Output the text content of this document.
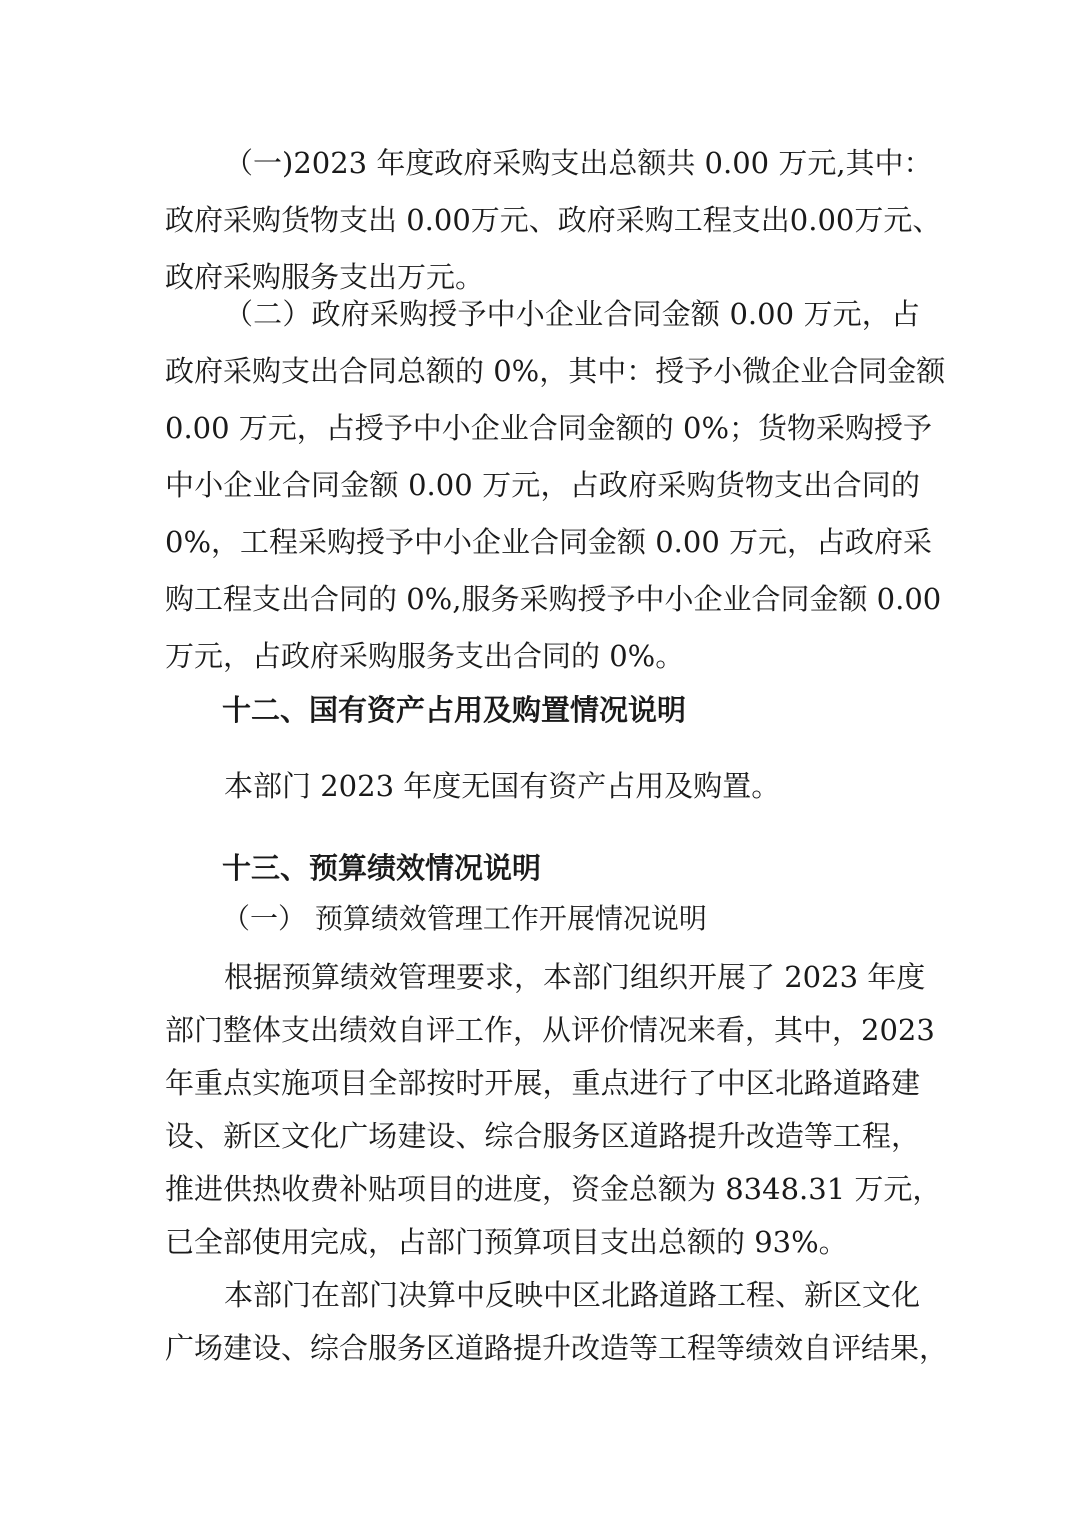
（一)2023 年度政府采购支出总额共 0.00 万元,其中：
政府采购货物支出 0.00万元、政府采购工程支出0.00万元、
政府采购服务支出万元。
（二）政府采购授予中小企业合同金额 0.00 万元，占
政府采购支出合同总额的 0%，其中：授予小微企业合同金额
0.00 万元，占授予中小企业合同金额的 0%；货物采购授予
中小企业合同金额 0.00 万元，占政府采购货物支出合同的
0%，工程采购授予中小企业合同金额 0.00 万元，占政府采
购工程支出合同的 0%,服务采购授予中小企业合同金额 0.00
万元，占政府采购服务支出合同的 0%。
十二、国有资产占用及购置情况说明
本部门 2023 年度无国有资产占用及购置。
十三、预算绩效情况说明
（一） 预算绩效管理工作开展情况说明
根据预算绩效管理要求，本部门组织开展了 2023 年度
部门整体支出绩效自评工作，从评价情况来看，其中，2023
年重点实施项目全部按时开展，重点进行了中区北路道路建
设、新区文化广场建设、综合服务区道路提升改造等工程，
推进供热收费补贴项目的进度，资金总额为 8348.31 万元，
已全部使用完成，占部门预算项目支出总额的 93%。
本部门在部门决算中反映中区北路道路工程、新区文化
广场建设、综合服务区道路提升改造等工程等绩效自评结果，
